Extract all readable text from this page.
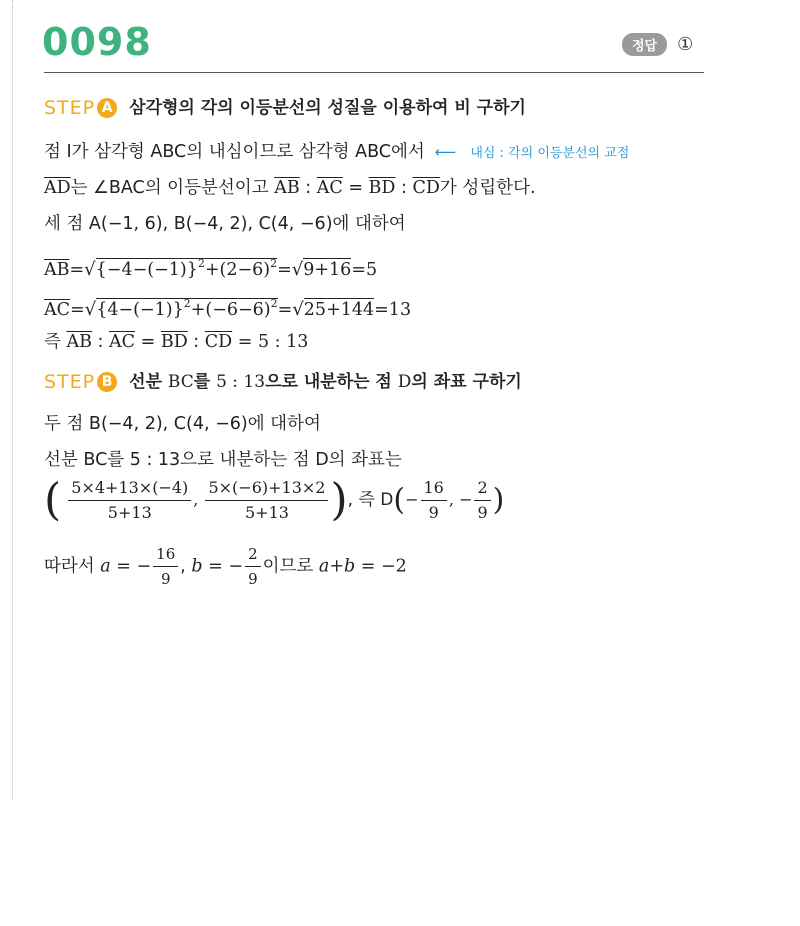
0098	정답	①
STEP A 삼각형의 각의 이등분선의 성질을 이용하여 비 구하기
점 I가 삼각형 ABC의 내심이므로 삼각형 ABC에서 ⟵ 내심 : 각의 이등분선의 교점
$\overline{AD}$는 ∠BAC의 이등분선이고 $\overline{AB}$ : $\overline{AC} = \overline{BD}$ : $\overline{CD}$가 성립한다.
세 점 A(−1, 6), B(−4, 2), C(4, −6)에 대하여
$\overline{AB}=√\{-4-(-1)\}^2+(2-6)^2=√9+16=5$
$\overline{AC}=√\{4-(-1)\}^2+(-6-6)^2=√25+144=13$
즉 $\overline{AB}$ : $\overline{AC} = \overline{BD}$ : $\overline{CD} = 5$ : 13
STEP B 선분 BC를 5 : 13으로 내분하는 점 D의 좌표 구하기
두 점 B(−4, 2), C(4, −6)에 대하여
선분 BC를 5 : 13으로 내분하는 점 D의 좌표는
( $\frac{5\times 4+13\times(-4)}{5+13}$ , $\frac{5\times(-6)+13\times 2}{5+13}$ ), 즉 $D(- \frac{16}{9}$ , − $\frac{2}{9}$ )
따라서 a = − $\frac{16}{9}$ , b = − $\frac{2}{9}$ 이므로 a+b = −2
